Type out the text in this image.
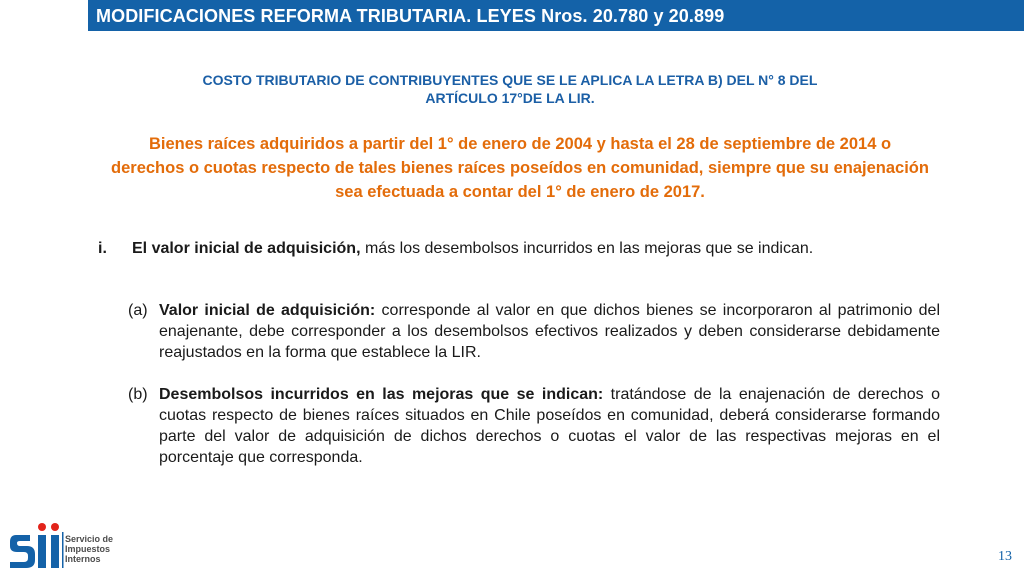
MODIFICACIONES REFORMA TRIBUTARIA. LEYES Nros. 20.780 y 20.899
COSTO TRIBUTARIO DE CONTRIBUYENTES QUE SE LE APLICA LA LETRA B) DEL N° 8 DEL
ARTÍCULO 17°DE LA LIR.
Bienes raíces adquiridos a partir del 1° de enero de 2004 y hasta el 28 de septiembre de 2014 o derechos o cuotas respecto de tales bienes raíces poseídos en comunidad, siempre que su enajenación sea efectuada a contar del 1° de enero de 2017.
i. El valor inicial de adquisición, más los desembolsos incurridos en las mejoras que se indican.
(a) Valor inicial de adquisición: corresponde al valor en que dichos bienes se incorporaron al patrimonio del enajenante, debe corresponder a los desembolsos efectivos realizados y deben considerarse debidamente reajustados en la forma que establece la LIR.
(b) Desembolsos incurridos en las mejoras que se indican: tratándose de la enajenación de derechos o cuotas respecto de bienes raíces situados en Chile poseídos en comunidad, deberá considerarse formando parte del valor de adquisición de dichos derechos o cuotas el valor de las respectivas mejoras en el porcentaje que corresponda.
Servicio de
Impuestos
Internos	13
